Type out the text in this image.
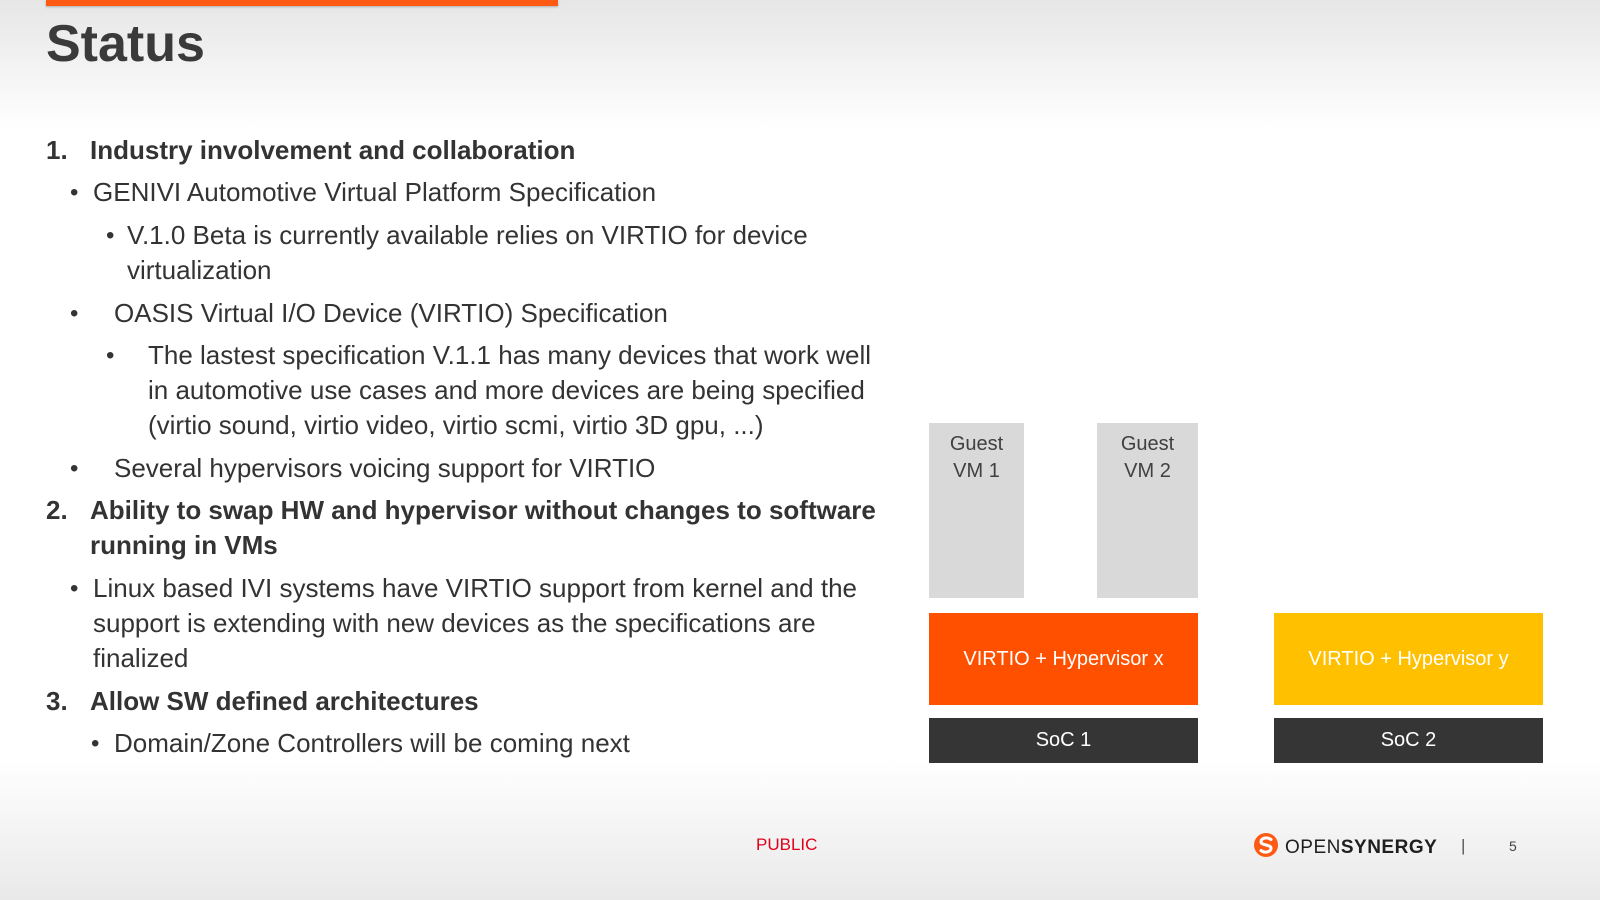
Status
1. Industry involvement and collaboration
• GENIVI Automotive Virtual Platform Specification
• V.1.0 Beta is currently available relies on VIRTIO for device
virtualization
• OASIS Virtual I/O Device (VIRTIO) Specification
• The lastest specification V.1.1 has many devices that work well
in automotive use cases and more devices are being specified
(virtio sound, virtio video, virtio scmi, virtio 3D gpu, ...)
• Several hypervisors voicing support for VIRTIO
2. Ability to swap HW and hypervisor without changes to software
running in VMs
• Linux based IVI systems have VIRTIO support from kernel and the
support is extending with new devices as the specifications are
finalized
3. Allow SW defined architectures
• Domain/Zone Controllers will be coming next
Guest
VM 1
Guest
VM 2
VIRTIO + Hypervisor x	VIRTIO + Hypervisor y
SoC 1	SoC 2
PUBLIC	OPENSYNERGY |	5
